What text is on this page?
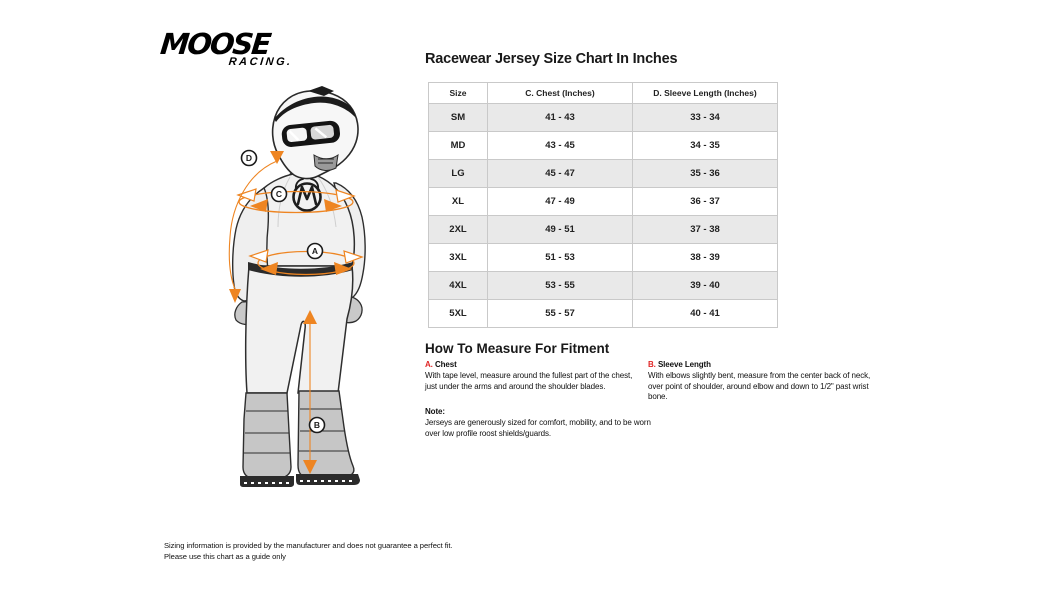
MOOSE
RACING.
D
C
A
B
Racewear Jersey Size Chart In Inches
Size	C. Chest (Inches)	D. Sleeve Length (Inches)
SM	41 - 43	33 - 34
MD	43 - 45	34 - 35
LG	45 - 47	35 - 36
XL	47 - 49	36 - 37
2XL	49 - 51	37 - 38
3XL	51 - 53	38 - 39
4XL	53 - 55	39 - 40
5XL	55 - 57	40 - 41
How To Measure For Fitment
A. Chest
With tape level, measure around the fullest part of the chest, just under the arms and around the shoulder blades.
B. Sleeve Length
With elbows slightly bent, measure from the center back of neck, over point of shoulder, around elbow and down to 1/2" past wrist bone.
Note:
Jerseys are generously sized for comfort, mobility, and to be worn over low profile roost shields/guards.
Sizing information is provided by the manufacturer and does not guarantee a perfect fit.
Please use this chart as a guide only
